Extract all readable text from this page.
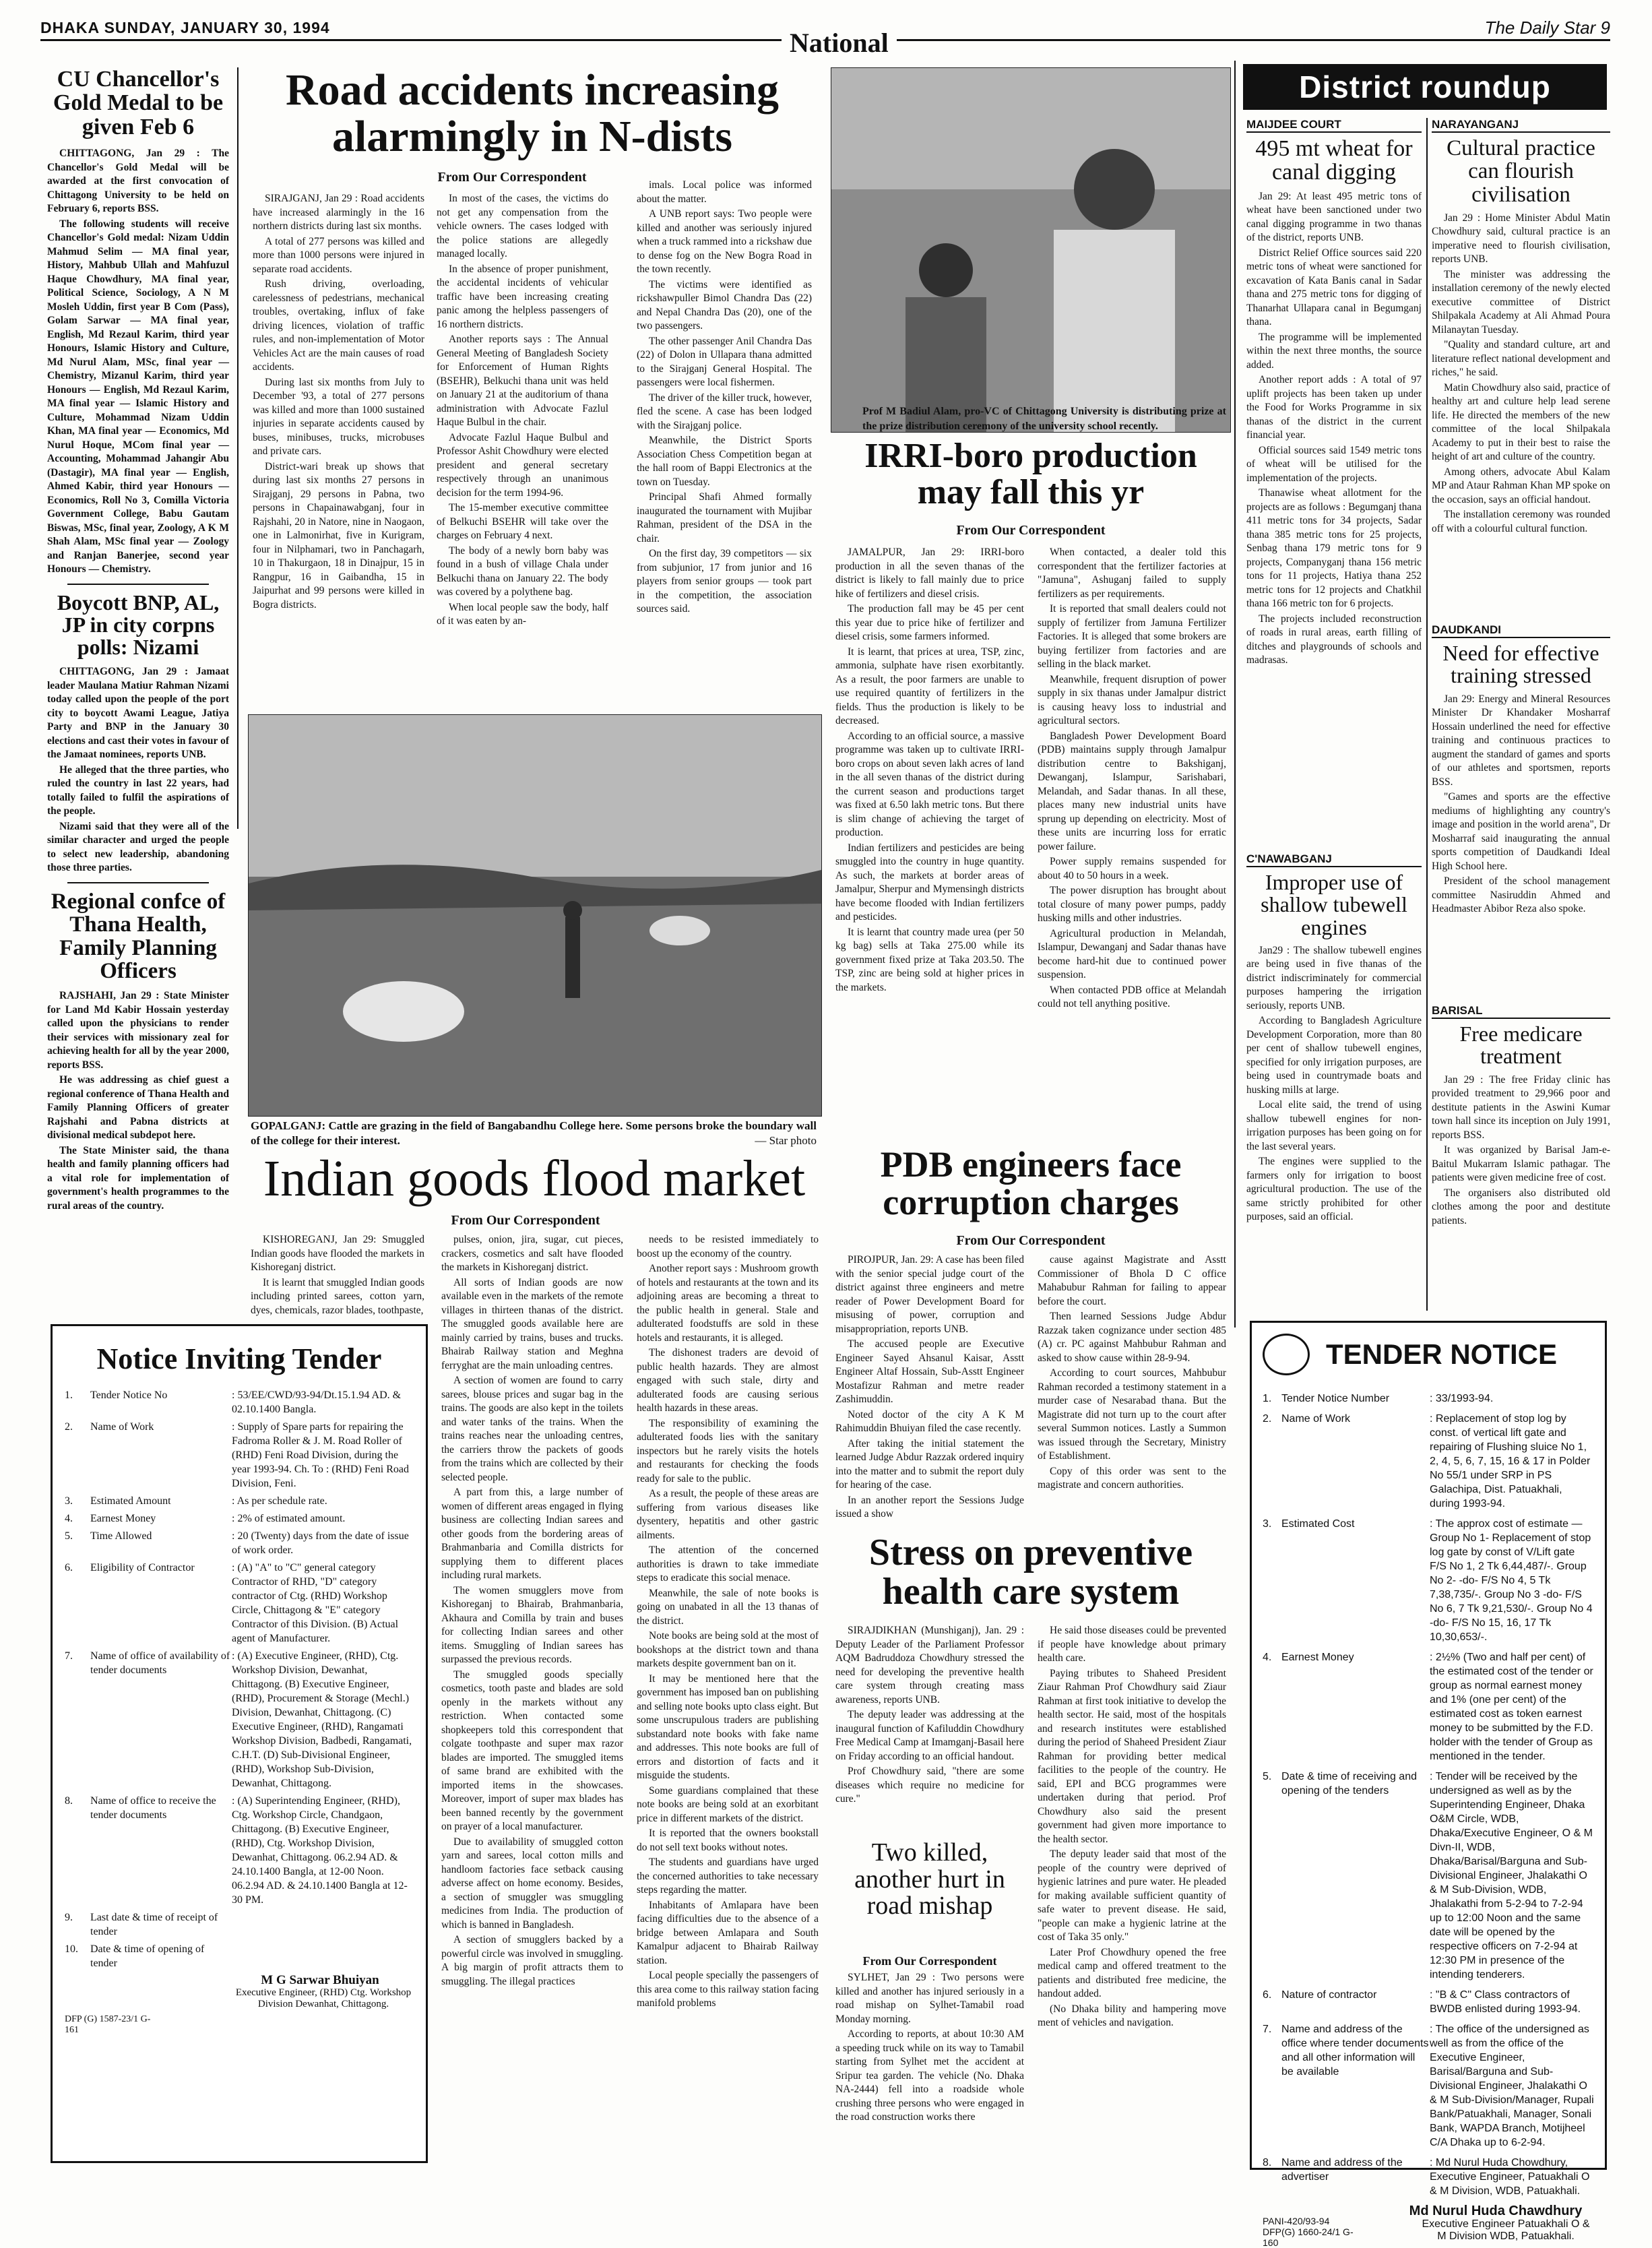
DHAKA SUNDAY, JANUARY 30, 1994	National	The Daily Star 9
CU Chancellor's Gold Medal to be given Feb 6

CHITTAGONG, Jan 29 : The Chancellor's Gold Medal will be awarded at the first convocation of Chittagong University to be held on February 6, reports BSS.

The following students will receive Chancellor's Gold medal: Nizam Uddin Mahmud Selim — MA final year, History, Mahbub Ullah and Mahfuzul Haque Chowdhury, MA final year, Political Science, Sociology, A N M Mosleh Uddin, first year B Com (Pass), Golam Sarwar — MA final year, English, Md Rezaul Karim, third year Honours, Islamic History and Culture, Md Nurul Alam, MSc, final year — Chemistry, Mizanul Karim, third year Honours — English, Md Rezaul Karim, MA final year — Islamic History and Culture, Mohammad Nizam Uddin Khan, MA final year — Economics, Md Nurul Hoque, MCom final year — Accounting, Mohammad Jahangir Abu (Dastagir), MA final year — English, Ahmed Kabir, third year Honours — Economics, Roll No 3, Comilla Victoria Government College, Babu Gautam Biswas, MSc, final year, Zoology, A K M Shah Alam, MSc final year — Zoology and Ranjan Banerjee, second year Honours — Chemistry.

Boycott BNP, AL, JP in city corpns polls: Nizami

CHITTAGONG, Jan 29 : Jamaat leader Maulana Matiur Rahman Nizami today called upon the people of the port city to boycott Awami League, Jatiya Party and BNP in the January 30 elections and cast their votes in favour of the Jamaat nominees, reports UNB.

He alleged that the three parties, who ruled the country in last 22 years, had totally failed to fulfil the aspirations of the people.

Nizami said that they were all of the similar character and urged the people to select new leadership, abandoning those three parties.

Regional confce of Thana Health, Family Planning Officers

RAJSHAHI, Jan 29 : State Minister for Land Md Kabir Hossain yesterday called upon the physicians to render their services with missionary zeal for achieving health for all by the year 2000, reports BSS.

He was addressing as chief guest a regional conference of Thana Health and Family Planning Officers of greater Rajshahi and Pabna districts at divisional medical subdepot here.

The State Minister said, the thana health and family planning officers had a vital role for implementation of government's health programmes to the rural areas of the country.

Road accidents increasing alarmingly in N-dists
From Our Correspondent

SIRAJGANJ, Jan 29 : Road accidents have increased alarmingly in the 16 northern districts during last six months.

A total of 277 persons was killed and more than 1000 persons were injured in separate road accidents.

Rush driving, overloading, carelessness of pedestrians, mechanical troubles, overtaking, influx of fake driving licences, violation of traffic rules, and non-implementation of Motor Vehicles Act are the main causes of road accidents.

During last six months from July to December '93, a total of 277 persons was killed and more than 1000 sustained injuries in separate accidents caused by buses, minibuses, trucks, microbuses and private cars.

District-wari break up shows that during last six months 27 persons in Sirajganj, 29 persons in Pabna, two persons in Chapainawabganj, four in Rajshahi, 20 in Natore, nine in Naogaon, one in Lalmonirhat, five in Kurigram, four in Nilphamari, two in Panchagarh, 10 in Thakurgaon, 18 in Dinajpur, 15 in Rangpur, 16 in Gaibandha, 15 in Jaipurhat and 99 persons were killed in Bogra districts.

In most of the cases, the victims do not get any compensation from the vehicle owners. The cases lodged with the police stations are allegedly managed locally.

In the absence of proper punishment, the accidental incidents of vehicular traffic have been increasing creating panic among the helpless passengers of 16 northern districts.

Another reports says : The Annual General Meeting of Bangladesh Society for Enforcement of Human Rights (BSEHR), Belkuchi thana unit was held on January 21 at the auditorium of thana administration with Advocate Fazlul Haque Bulbul in the chair.

Advocate Fazlul Haque Bulbul and Professor Ashit Chowdhury were elected president and general secretary respectively through an unanimous decision for the term 1994-96.

The 15-member executive committee of Belkuchi BSEHR will take over the charges on February 4 next.

The body of a newly born baby was found in a bush of village Chala under Belkuchi thana on January 22. The body was covered by a polythene bag.

When local people saw the body, half of it was eaten by an-

imals. Local police was informed about the matter.

A UNB report says: Two people were killed and another was seriously injured when a truck rammed into a rickshaw due to dense fog on the New Bogra Road in the town recently.

The victims were identified as rickshawpuller Bimol Chandra Das (22) and Nepal Chandra Das (20), one of the two passengers.

The other passenger Anil Chandra Das (22) of Dolon in Ullapara thana admitted to the Sirajganj General Hospital. The passengers were local fishermen.

The driver of the killer truck, however, fled the scene. A case has been lodged with the Sirajganj police.

Meanwhile, the District Sports Association Chess Competition began at the hall room of Bappi Electronics at the town on Tuesday.

Principal Shafi Ahmed formally inaugurated the tournament with Mujibar Rahman, president of the DSA in the chair.

On the first day, 39 competitors — six from subjunior, 17 from junior and 16 players from senior groups — took part in the competition, the association sources said.

GOPALGANJ: Cattle are grazing in the field of Bangabandhu College here. Some persons broke the boundary wall of the college for their interest.	— Star photo
Prof M Badiul Alam, pro-VC of Chittagong University is distributing prize at the prize distribution ceremony of the university school recently.
IRRI-boro production may fall this yr
From Our Correspondent

JAMALPUR, Jan 29: IRRI-boro production in all the seven thanas of the district is likely to fall mainly due to price hike of fertilizers and diesel crisis.

The production fall may be 45 per cent this year due to price hike of fertilizer and diesel crisis, some farmers informed.

It is learnt, that prices at urea, TSP, zinc, ammonia, sulphate have risen exorbitantly. As a result, the poor farmers are unable to use required quantity of fertilizers in the fields. Thus the production is likely to be decreased.

According to an official source, a massive programme was taken up to cultivate IRRI-boro crops on about seven lakh acres of land in the all seven thanas of the district during the current season and productions target was fixed at 6.50 lakh metric tons. But there is slim change of achieving the target of production.

Indian fertilizers and pesticides are being smuggled into the country in huge quantity. As such, the markets at border areas of Jamalpur, Sherpur and Mymensingh districts have become flooded with Indian fertilizers and pesticides.

It is learnt that country made urea (per 50 kg bag) sells at Taka 275.00 while its government fixed prize at Taka 203.50. The TSP, zinc are being sold at higher prices in the markets.

When contacted, a dealer told this correspondent that the fertilizer factories at "Jamuna", Ashuganj failed to supply fertilizers as per requirements.

It is reported that small dealers could not supply of fertilizer from Jamuna Fertilizer Factories. It is alleged that some brokers are buying fertilizer from factories and are selling in the black market.

Meanwhile, frequent disruption of power supply in six thanas under Jamalpur district is causing heavy loss to industrial and agricultural sectors.

Bangladesh Power Development Board (PDB) maintains supply through Jamalpur distribution centre to Bakshiganj, Dewanganj, Islampur, Sarishabari, Melandah, and Sadar thanas. In all these, places many new industrial units have sprung up depending on electricity. Most of these units are incurring loss for erratic power failure.

Power supply remains suspended for about 40 to 50 hours in a week.

The power disruption has brought about total closure of many power pumps, paddy husking mills and other industries.

Agricultural production in Melandah, Islampur, Dewanganj and Sadar thanas have become hard-hit due to continued power suspension.

When contacted PDB office at Melandah could not tell anything positive.

Indian goods flood market
From Our Correspondent

KISHOREGANJ, Jan 29: Smuggled Indian goods have flooded the markets in Kishoreganj district.

It is learnt that smuggled Indian goods including printed sarees, cotton yarn, dyes, chemicals, razor blades, toothpaste,

pulses, onion, jira, sugar, cut pieces, crackers, cosmetics and salt have flooded the markets in Kishoreganj district.

All sorts of Indian goods are now available even in the markets of the remote villages in thirteen thanas of the district. The smuggled goods available here are mainly carried by trains, buses and trucks. Bhairab Railway station and Meghna ferryghat are the main unloading centres.

A section of women are found to carry sarees, blouse prices and sugar bag in the trains. The goods are also kept in the toilets and water tanks of the trains. When the trains reaches near the unloading centres, the carriers throw the packets of goods from the trains which are collected by their selected people.

A part from this, a large number of women of different areas engaged in flying business are collecting Indian sarees and other goods from the bordering areas of Brahmanbaria and Comilla districts for supplying them to different places including rural markets.

The women smugglers move from Kishoreganj to Bhairab, Brahmanbaria, Akhaura and Comilla by train and buses for collecting Indian sarees and other items. Smuggling of Indian sarees has surpassed the previous records.

The smuggled goods specially cosmetics, tooth paste and blades are sold openly in the markets without any restriction. When contacted some shopkeepers told this correspondent that colgate toothpaste and super max razor blades are imported. The smuggled items of same brand are exhibited with the imported items in the showcases. Moreover, import of super max blades has been banned recently by the government on prayer of a local manufacturer.

Due to availability of smuggled cotton yarn and sarees, local cotton mills and handloom factories face setback causing adverse affect on home economy. Besides, a section of smuggler was smuggling medicines from India. The production of which is banned in Bangladesh.

A section of smugglers backed by a powerful circle was involved in smuggling. A big margin of profit attracts them to smuggling. The illegal practices

needs to be resisted immediately to boost up the economy of the country.

Another report says : Mushroom growth of hotels and restaurants at the town and its adjoining areas are becoming a threat to the public health in general. Stale and adulterated foodstuffs are sold in these hotels and restaurants, it is alleged.

The dishonest traders are devoid of public health hazards. They are almost engaged with such stale, dirty and adulterated foods are causing serious health hazards in these areas.

The responsibility of examining the adulterated foods lies with the sanitary inspectors but he rarely visits the hotels and restaurants for checking the foods ready for sale to the public.

As a result, the people of these areas are suffering from various diseases like dysentery, hepatitis and other gastric ailments.

The attention of the concerned authorities is drawn to take immediate steps to eradicate this social menace.

Meanwhile, the sale of note books is going on unabated in all the 13 thanas of the district.

Note books are being sold at the most of bookshops at the district town and thana markets despite government ban on it.

It may be mentioned here that the government has imposed ban on publishing and selling note books upto class eight. But some unscrupulous traders are publishing substandard note books with fake name and addresses. This note books are full of errors and distortion of facts and it misguide the students.

Some guardians complained that these note books are being sold at an exorbitant price in different markets of the district.

It is reported that the owners bookstall do not sell text books without notes.

The students and guardians have urged the concerned authorities to take necessary steps regarding the matter.

Inhabitants of Amlapara have been facing difficulties due to the absence of a bridge between Amlapara and South Kamalpur adjacent to Bhairab Railway station.

Local people specially the passengers of this area come to this railway station facing manifold problems

Notice Inviting Tender
1.	Tender Notice No	: 53/EE/CWD/93-94/Dt.15.1.94 AD. & 02.10.1400 Bangla.
2.	Name of Work	: Supply of Spare parts for repairing the Fadroma Roller & J. M. Road Roller of (RHD) Feni Road Division, during the year 1993-94. Ch. To : (RHD) Feni Road Division, Feni.
3.	Estimated Amount	: As per schedule rate.
4.	Earnest Money	: 2% of estimated amount.
5.	Time Allowed	: 20 (Twenty) days from the date of issue of work order.
6.	Eligibility of Contractor	: (A) "A" to "C" general category Contractor of RHD, "D" category contractor of Ctg. (RHD) Workshop Circle, Chittagong & "E" category Contractor of this Division. (B) Actual agent of Manufacturer.
7.	Name of office of availability of tender documents
: (A) Executive Engineer, (RHD), Ctg. Workshop Division, Dewanhat, Chittagong. (B) Executive Engineer, (RHD), Procurement & Storage (Mechl.) Division, Dewanhat, Chittagong. (C) Executive Engineer, (RHD), Rangamati Workshop Division, Badbedi, Rangamati, C.H.T. (D) Sub-Divisional Engineer, (RHD), Workshop Sub-Division, Dewanhat, Chittagong.
8.	Name of office to receive the tender documents
: (A) Superintending Engineer, (RHD), Ctg. Workshop Circle, Chandgaon, Chittagong. (B) Executive Engineer, (RHD), Ctg. Workshop Division, Dewanhat, Chittagong. 06.2.94 AD. & 24.10.1400 Bangla, at 12-00 Noon. 06.2.94 AD. & 24.10.1400 Bangla at 12-30 PM.
9.	Last date & time of receipt of tender
10.	Date & time of opening of tender
M G Sarwar Bhuiyan
Executive Engineer, (RHD) Ctg. Workshop Division Dewanhat, Chittagong.
DFP (G) 1587-23/1 G-161
PDB engineers face corruption charges
From Our Correspondent

PIROJPUR, Jan. 29: A case has been filed with the senior special judge court of the district against three engineers and metre reader of Power Development Board for misusing of power, corruption and misappropriation, reports UNB.

The accused people are Executive Engineer Sayed Ahsanul Kaisar, Asstt Engineer Altaf Hossain, Sub-Asstt Engineer Mostafizur Rahman and metre reader Zashimuddin.

Noted doctor of the city A K M Rahimuddin Bhuiyan filed the case recently.

After taking the initial statement the learned Judge Abdur Razzak ordered inquiry into the matter and to submit the report duly for hearing of the case.

In an another report the Sessions Judge issued a show

cause against Magistrate and Asstt Commissioner of Bhola D C office Mahabubur Rahman for failing to appear before the court.

Then learned Sessions Judge Abdur Razzak taken cognizance under section 485 (A) cr. PC against Mahbubur Rahman and asked to show cause within 28-9-94.

According to court sources, Mahbubur Rahman recorded a testimony statement in a murder case of Nesarabad thana. But the Magistrate did not turn up to the court after several Summon notices. Lastly a Summon was issued through the Secretary, Ministry of Establishment.

Copy of this order was sent to the magistrate and concern authorities.

Stress on preventive health care system

SIRAJDIKHAN (Munshiganj), Jan. 29 : Deputy Leader of the Parliament Professor AQM Badruddoza Chowdhury stressed the need for developing the preventive health care system through creating mass awareness, reports UNB.

The deputy leader was addressing at the inaugural function of Kafiluddin Chowdhury Free Medical Camp at Imamganj-Basail here on Friday according to an official handout.

Prof Chowdhury said, "there are some diseases which require no medicine for cure."

He said those diseases could be prevented if people have knowledge about primary health care.

Paying tributes to Shaheed President Ziaur Rahman Prof Chowdhury said Ziaur Rahman at first took initiative to develop the health sector. He said, most of the hospitals and research institutes were established during the period of Shaheed President Ziaur Rahman for providing better medical facilities to the people of the country. He said, EPI and BCG programmes were undertaken during that period. Prof Chowdhury also said the present government had given more importance to the health sector.

The deputy leader said that most of the people of the country were deprived of hygienic latrines and pure water. He pleaded for making available sufficient quantity of safe water to prevent disease. He said, "people can make a hygienic latrine at the cost of Taka 35 only."

Later Prof Chowdhury opened the free medical camp and offered treatment to the patients and distributed free medicine, the handout added.

(No Dhaka bility and hampering move ment of vehicles and navigation.

Two killed, another hurt in road mishap
From Our Correspondent

SYLHET, Jan 29 : Two persons were killed and another has injured seriously in a road mishap on Sylhet-Tamabil road Monday morning.

According to reports, at about 10:30 AM a speeding truck while on its way to Tamabil starting from Sylhet met the accident at Sripur tea garden. The vehicle (No. Dhaka NA-2444) fell into a roadside whole crushing three persons who were engaged in the road construction works there

District roundup
MAIJDEE COURT
495 mt wheat for canal digging

Jan 29: At least 495 metric tons of wheat have been sanctioned under two canal digging programme in two thanas of the district, reports UNB.

District Relief Office sources said 220 metric tons of wheat were sanctioned for excavation of Kata Banis canal in Sadar thana and 275 metric tons for digging of Thanarhat Ullapara canal in Begumganj thana.

The programme will be implemented within the next three months, the source added.

Another report adds : A total of 97 uplift projects has been taken up under the Food for Works Programme in six thanas of the district in the current financial year.

Official sources said 1549 metric tons of wheat will be utilised for the implementation of the projects.

Thanawise wheat allotment for the projects are as follows : Begumganj thana 411 metric tons for 34 projects, Sadar thana 385 metric tons for 25 projects, Senbag thana 179 metric tons for 9 projects, Companyganj thana 156 metric tons for 11 projects, Hatiya thana 252 metric tons for 12 projects and Chatkhil thana 166 metric ton for 6 projects.

The projects included reconstruction of roads in rural areas, earth filling of ditches and playgrounds of schools and madrasas.

C'NAWABGANJ
Improper use of shallow tubewell engines

Jan29 : The shallow tubewell engines are being used in five thanas of the district indiscriminately for commercial purposes hampering the irrigation seriously, reports UNB.

According to Bangladesh Agriculture Development Corporation, more than 80 per cent of shallow tubewell engines, specified for only irrigation purposes, are being used in countrymade boats and husking mills at large.

Local elite said, the trend of using shallow tubewell engines for non-irrigation purposes has been going on for the last several years.

The engines were supplied to the farmers only for irrigation to boost agricultural production. The use of the same strictly prohibited for other purposes, said an official.

NARAYANGANJ
Cultural practice can flourish civilisation

Jan 29 : Home Minister Abdul Matin Chowdhury said, cultural practice is an imperative need to flourish civilisation, reports UNB.

The minister was addressing the installation ceremony of the newly elected executive committee of District Shilpakala Academy at Ali Ahmad Poura Milanaytan Tuesday.

"Quality and standard culture, art and literature reflect national development and riches," he said.

Matin Chowdhury also said, practice of healthy art and culture help lead serene life. He directed the members of the new committee of the local Shilpakala Academy to put in their best to raise the height of art and culture of the country.

Among others, advocate Abul Kalam MP and Ataur Rahman Khan MP spoke on the occasion, says an official handout.

The installation ceremony was rounded off with a colourful cultural function.

DAUDKANDI
Need for effective training stressed

Jan 29: Energy and Mineral Resources Minister Dr Khandaker Mosharraf Hossain underlined the need for effective training and continuous practices to augment the standard of games and sports of our athletes and sportsmen, reports BSS.

"Games and sports are the effective mediums of highlighting any country's image and position in the world arena", Dr Mosharraf said inaugurating the annual sports competition of Daudkandi Ideal High School here.

President of the school management committee Nasiruddin Ahmed and Headmaster Abibor Reza also spoke.

BARISAL
Free medicare treatment

Jan 29 : The free Friday clinic has provided treatment to 29,966 poor and destitute patients in the Aswini Kumar town hall since its inception on July 1991, reports BSS.

It was organized by Barisal Jam-e-Baitul Mukarram Islamic pathagar. The patients were given medicine free of cost.

The organisers also distributed old clothes among the poor and destitute patients.

TENDER NOTICE
1. Tender Notice Number	: 33/1993-94.
2. Name of Work	: Replacement of stop log by const. of vertical lift gate and repairing of Flushing sluice No 1, 2, 4, 5, 6, 7, 15, 16 & 17 in Polder No 55/1 under SRP in PS Galachipa, Dist. Patuakhali, during 1993-94.
3. Estimated Cost	: The approx cost of estimate — Group No 1- Replacement of stop log gate by const of V/Lift gate F/S No 1, 2 Tk 6,44,487/-. Group No 2- -do- F/S No 4, 5 Tk 7,38,735/-. Group No 3 -do- F/S No 6, 7 Tk 9,21,530/-. Group No 4 -do- F/S No 15, 16, 17 Tk 10,30,653/-.
4. Earnest Money	: 2½% (Two and half per cent) of the estimated cost of the tender or group as normal earnest money and 1% (one per cent) of the estimated cost as token earnest money to be submitted by the F.D. holder with the tender of Group as mentioned in the tender.
5. Date & time of receiving and opening of the tenders
: Tender will be received by the undersigned as well as by the Superintending Engineer, Dhaka O&M Circle, WDB, Dhaka/Executive Engineer, O & M Divn-II, WDB, Dhaka/Barisal/Barguna and Sub-Divisional Engineer, Jhalakathi O & M Sub-Division, WDB, Jhalakathi from 5-2-94 to 7-2-94 up to 12:00 Noon and the same date will be opened by the respective officers on 7-2-94 at 12:30 PM in presence of the intending tenderers.
6. Nature of contractor	: "B & C" Class contractors of BWDB enlisted during 1993-94.
7. Name and address of the office where tender documents and all other information will be available
: The office of the undersigned as well as from the office of the Executive Engineer, Barisal/Barguna and Sub-Divisional Engineer, Jhalakathi O & M Sub-Division/Manager, Rupali Bank/Patuakhali, Manager, Sonali Bank, WAPDA Branch, Motijheel C/A Dhaka up to 6-2-94.
8. Name and address of the advertiser
: Md Nurul Huda Chowdhury, Executive Engineer, Patuakhali O & M Division, WDB, Patuakhali.
Md Nurul Huda Chawdhury
Executive Engineer Patuakhali O & M Division WDB, Patuakhali.
PANI-420/93-94 DFP(G) 1660-24/1 G-160
